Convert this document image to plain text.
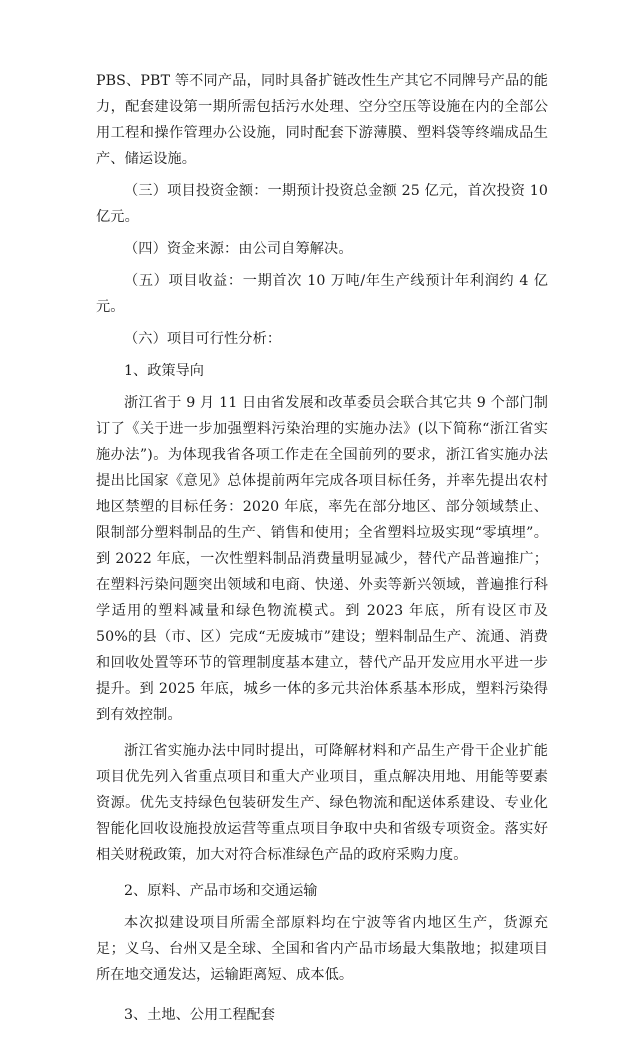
PBS、PBT 等不同产品，同时具备扩链改性生产其它不同牌号产品的能力，配套建设第一期所需包括污水处理、空分空压等设施在内的全部公用工程和操作管理办公设施，同时配套下游薄膜、塑料袋等终端成品生产、储运设施。

（三）项目投资金额：一期预计投资总金额 25 亿元，首次投资 10 亿元。

（四）资金来源：由公司自筹解决。

（五）项目收益：一期首次 10 万吨/年生产线预计年利润约 4 亿元。

（六）项目可行性分析：

1、政策导向

浙江省于 9 月 11 日由省发展和改革委员会联合其它共 9 个部门制订了《关于进一步加强塑料污染治理的实施办法》(以下简称“浙江省实施办法”)。为体现我省各项工作走在全国前列的要求，浙江省实施办法提出比国家《意见》总体提前两年完成各项目标任务，并率先提出农村地区禁塑的目标任务：2020 年底，率先在部分地区、部分领域禁止、限制部分塑料制品的生产、销售和使用；全省塑料垃圾实现“零填埋”。到 2022 年底，一次性塑料制品消费量明显减少，替代产品普遍推广；在塑料污染问题突出领域和电商、快递、外卖等新兴领域，普遍推行科学适用的塑料减量和绿色物流模式。到 2023 年底，所有设区市及 50%的县（市、区）完成“无废城市”建设；塑料制品生产、流通、消费和回收处置等环节的管理制度基本建立，替代产品开发应用水平进一步提升。到 2025 年底，城乡一体的多元共治体系基本形成，塑料污染得到有效控制。

浙江省实施办法中同时提出，可降解材料和产品生产骨干企业扩能项目优先列入省重点项目和重大产业项目，重点解决用地、用能等要素资源。优先支持绿色包装研发生产、绿色物流和配送体系建设、专业化智能化回收设施投放运营等重点项目争取中央和省级专项资金。落实好相关财税政策，加大对符合标准绿色产品的政府采购力度。

2、原料、产品市场和交通运输

本次拟建设项目所需全部原料均在宁波等省内地区生产，货源充足；义乌、台州又是全球、全国和省内产品市场最大集散地；拟建项目所在地交通发达，运输距离短、成本低。

3、土地、公用工程配套
